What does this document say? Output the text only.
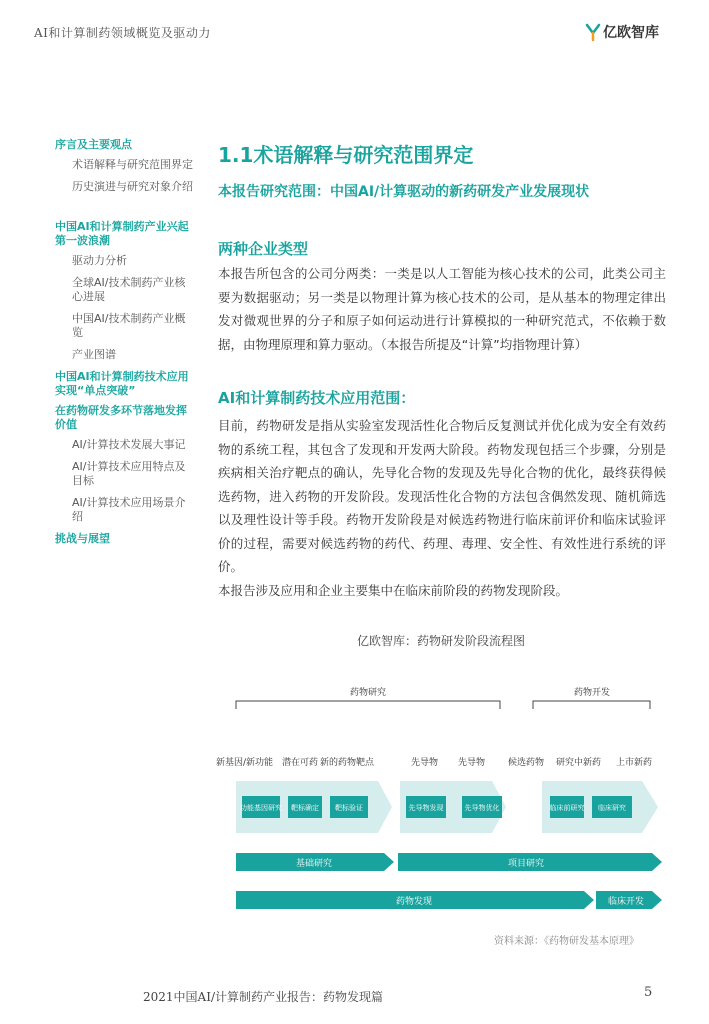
AI和计算制药领域概览及驱动力	亿欧智库
序言及主要观点
术语解释与研究范围界定
历史演进与研究对象介绍
中国AI和计算制药产业兴起第一波浪潮
驱动力分析
全球AI/技术制药产业核心进展
中国AI/技术制药产业概览
产业图谱
中国AI和计算制药技术应用实现“单点突破”
在药物研发多环节落地发挥价值
AI/计算技术发展大事记
AI/计算技术应用特点及目标
AI/计算技术应用场景介绍
挑战与展望
1.1术语解释与研究范围界定
本报告研究范围：中国AI/计算驱动的新药研发产业发展现状
两种企业类型
本报告所包含的公司分两类：一类是以人工智能为核心技术的公司，此类公司主要为数据驱动；另一类是以物理计算为核心技术的公司，是从基本的物理定律出发对微观世界的分子和原子如何运动进行计算模拟的一种研究范式，不依赖于数据，由物理原理和算力驱动。（本报告所提及“计算”均指物理计算）
AI和计算制药技术应用范围：
目前，药物研发是指从实验室发现活性化合物后反复测试并优化成为安全有效药物的系统工程，其包含了发现和开发两大阶段。药物发现包括三个步骤，分别是疾病相关治疗靶点的确认，先导化合物的发现及先导化合物的优化，最终获得候选药物，进入药物的开发阶段。发现活性化合物的方法包含偶然发现、随机筛选以及理性设计等手段。药物开发阶段是对候选药物进行临床前评价和临床试验评价的过程，需要对候选药物的药代、药理、毒理、安全性、有效性进行系统的评价。
本报告涉及应用和企业主要集中在临床前阶段的药物发现阶段。
亿欧智库：药物研发阶段流程图
药物研究	药物开发
新基因/新功能 潜在可药 新的药物靶点	先导物 先导物	候选药物 研究中新药 上市新药
功能基因研究 靶标确定 靶标验证	先导物发现	先导物优化	临床前研究 临床研究
基础研究	项目研究
药物发现	临床开发
资料来源：《药物研发基本原理》
2021中国AI/计算制药产业报告：药物发现篇	5
